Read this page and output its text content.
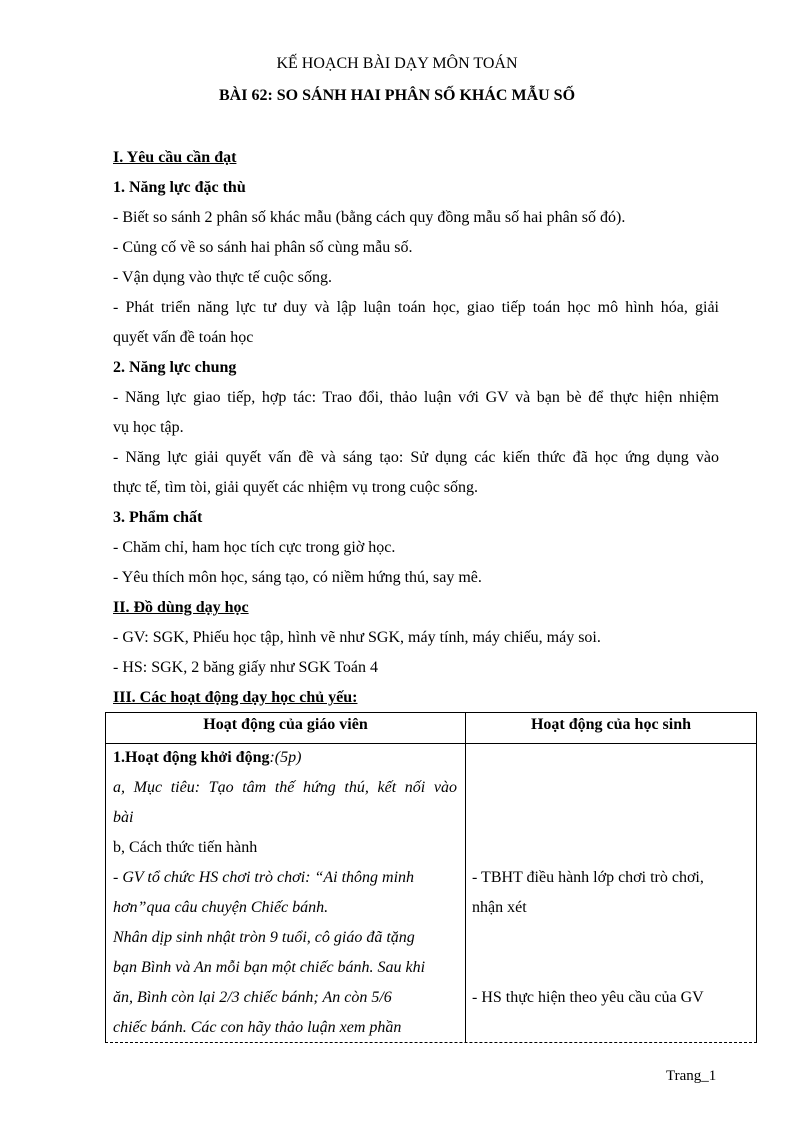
KẾ HOẠCH BÀI DẠY MÔN TOÁN
BÀI 62: SO SÁNH HAI PHÂN SỐ KHÁC MẪU SỐ

I. Yêu cầu cần đạt

1. Năng lực đặc thù

- Biết so sánh 2 phân số khác mẫu (bằng cách quy đồng mẫu số hai phân số đó).

- Củng cố về so sánh hai phân số cùng mẫu số.

- Vận dụng vào thực tế cuộc sống.

- Phát triển năng lực tư duy và lập luận toán học, giao tiếp toán học mô hình hóa, giải

quyết vấn đề toán học

2. Năng lực chung

- Năng lực giao tiếp, hợp tác: Trao đổi, thảo luận với GV và bạn bè để thực hiện nhiệm

vụ học tập.

- Năng lực giải quyết vấn đề và sáng tạo: Sử dụng các kiến thức đã học ứng dụng vào

thực tế, tìm tòi, giải quyết các nhiệm vụ trong cuộc sống.

3. Phẩm chất

- Chăm chỉ, ham học tích cực trong giờ học.

- Yêu thích môn học, sáng tạo, có niềm hứng thú, say mê.

II. Đồ dùng dạy học

- GV: SGK, Phiếu học tập, hình vẽ như SGK, máy tính, máy chiếu, máy soi.

- HS: SGK, 2 băng giấy như SGK Toán 4

III. Các hoạt động dạy học chủ yếu:

Hoạt động của giáo viên	Hoạt động của học sinh

1.Hoạt động khởi động:(5p)

a, Mục tiêu: Tạo tâm thế hứng thú, kết nối vào

bài

b, Cách thức tiến hành

- GV tổ chức HS chơi trò chơi: “Ai thông minh

hơn”qua câu chuyện Chiếc bánh.

Nhân dịp sinh nhật tròn 9 tuổi, cô giáo đã tặng

bạn Bình và An mỗi bạn một chiếc bánh. Sau khi

ăn, Bình còn lại 2/3 chiếc bánh; An còn 5/6

chiếc bánh. Các con hãy thảo luận xem phần

- TBHT điều hành lớp chơi trò chơi,

nhận xét

- HS thực hiện theo yêu cầu của GV

Trang_1
